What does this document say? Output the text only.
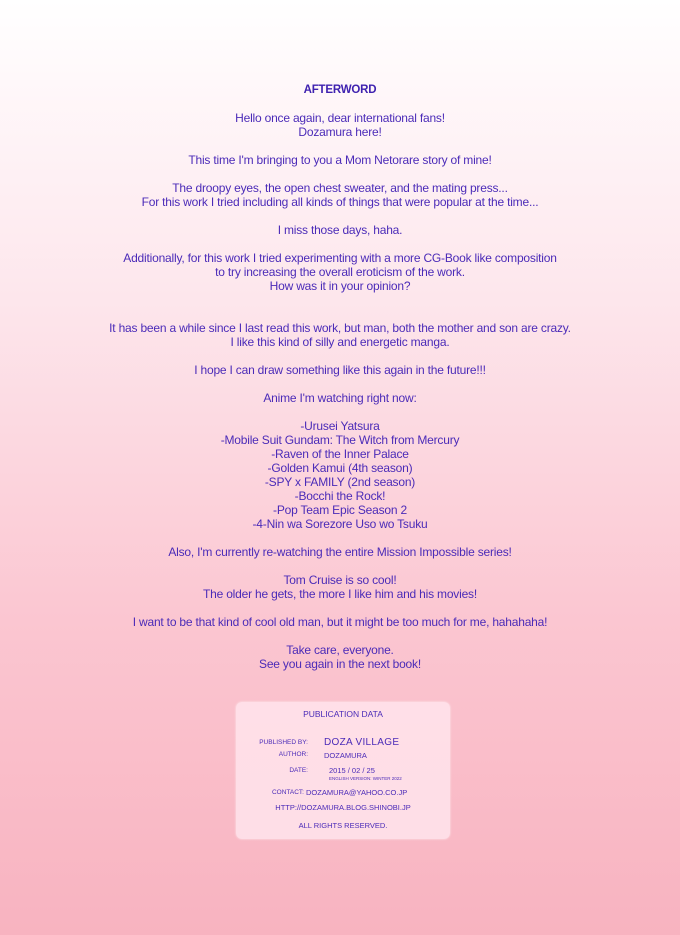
AFTERWORD
Hello once again, dear international fans!
Dozamura here!
This time I'm bringing to you a Mom Netorare story of mine!
The droopy eyes, the open chest sweater, and the mating press...
For this work I tried including all kinds of things that were popular at the time...
I miss those days, haha.
Additionally, for this work I tried experimenting with a more CG-Book like composition
to try increasing the overall eroticism of the work.
How was it in your opinion?
It has been a while since I last read this work, but man, both the mother and son are crazy.
I like this kind of silly and energetic manga.
I hope I can draw something like this again in the future!!!
Anime I'm watching right now:
-Urusei Yatsura
-Mobile Suit Gundam: The Witch from Mercury
-Raven of the Inner Palace
-Golden Kamui (4th season)
-SPY x FAMILY (2nd season)
-Bocchi the Rock!
-Pop Team Epic Season 2
-4-Nin wa Sorezore Uso wo Tsuku
Also, I'm currently re-watching the entire Mission Impossible series!
Tom Cruise is so cool!
The older he gets, the more I like him and his movies!
I want to be that kind of cool old man, but it might be too much for me, hahahaha!
Take care, everyone.
See you again in the next book!
PUBLICATION DATA
PUBLISHED BY: DOZA VILLAGE
AUTHOR: DOZAMURA
DATE:	2015 / 02 / 25
ENGLISH VERSION: WINTER 2022
CONTACT: DOZAMURA@YAHOO.CO.JP
HTTP://DOZAMURA.BLOG.SHINOBI.JP
ALL RIGHTS RESERVED.
